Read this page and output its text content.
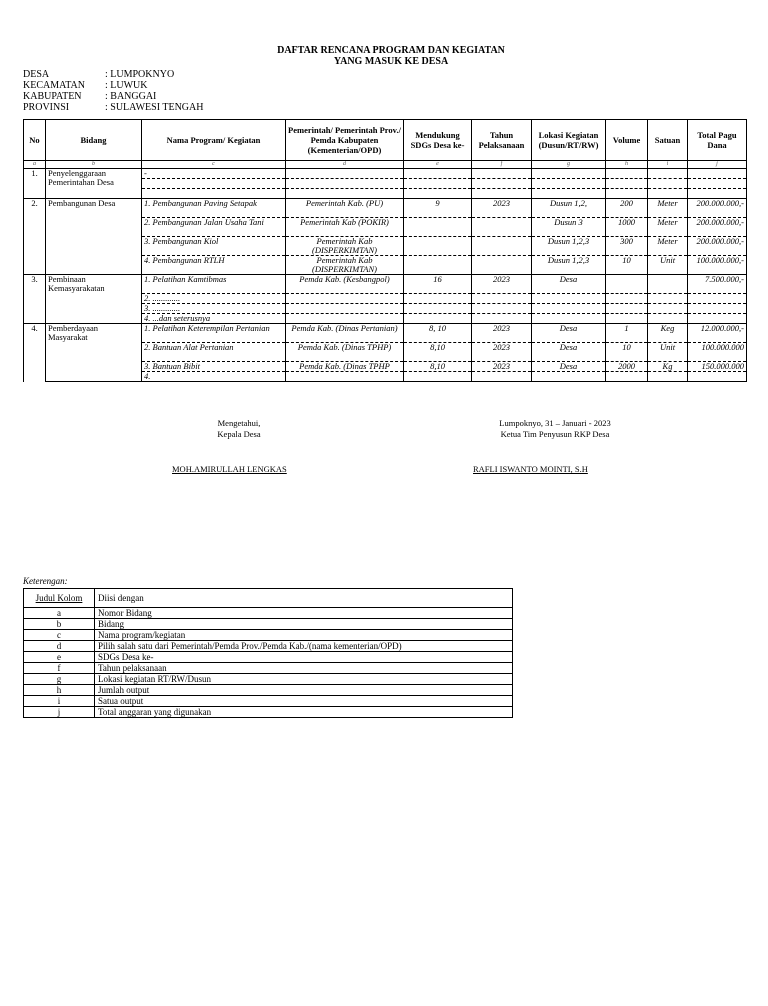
DAFTAR RENCANA PROGRAM DAN KEGIATAN
YANG MASUK KE DESA
DESA	: LUMPOKNYO
KECAMATAN	: LUWUK
KABUPATEN	: BANGGAI
PROVINSI	: SULAWESI TENGAH
No	Bidang	Nama Program/ Kegiatan	Pemerintah/ Pemerintah Prov./ Pemda Kabupaten (Kementerian/OPD)	Mendukung SDGs Desa ke-	Tahun Pelaksanaan	Lokasi Kegiatan (Dusun/RT/RW)	Volume	Satuan	Total Pagu Dana
a	b	c	d	e	f	g	h	i	j
1.	Penyelenggaraan Pemerintahan Desa	-							

2.	Pembangunan Desa	1. Pembangunan Paving Setapak	Pemerintah Kab. (PU)	9	2023	Dusun 1,2,	200	Meter	200.000.000,-
		2. Pembangunan Jalan Usaha Tani	Pemerintah Kab (POKIR)			Dusun 3	1000	Meter	200.000.000,-
		3. Pembangunan Kiol	Pemerintah Kab (DISPERKIMTAN)			Dusun 1,2,3	300	Meter	200.000.000,-
		4. Pembangunan RTLH	Pemerintah Kab (DISPERKIMTAN)			Dusun 1,2,3	10	Unit	100.000.000,-
3.	Pembinaan Kemasyarakatan	1. Pelatihan Kamtibmas	Pemda Kab. (Kesbangpol)	16	2023	Desa			7.500.000,-
		2. .............							
		3. .............							
		4. ...dan seterusnya							
4.	Pemberdayaan Masyarakat	1. Pelatihan Keterempilan Pertanian	Pemda Kab. (Dinas Pertanian)	8, 10	2023	Desa	1	Keg	12.000.000,-
		2. Bantuan Alat Pertanian	Pemda Kab. (Dinas TPHP)	8,10	2023	Desa	10	Unit	100.000.000
		3. Bantuan Bibit	Pemda Kab. (Dinas TPHP	8,10	2023	Desa	2000	Kg	150.000.000
		4.							
Mengetahui,
Kepala Desa
Lumpoknyo, 31 – Januari - 2023
Ketua Tim Penyusun RKP Desa
MOH.AMIRULLAH LENGKAS	RAFLI ISWANTO MOINTI, S.H
Keterengan:
Judul Kolom	Diisi dengan
a	Nomor Bidang
b	Bidang
c	Nama program/kegiatan
d	Pilih salah satu dari Pemerintah/Pemda Prov./Pemda Kab./(nama kementerian/OPD)
e	SDGs Desa ke-
f	Tahun pelaksanaan
g	Lokasi kegiatan RT/RW/Dusun
h	Jumlah output
i	Satua output
j	Total anggaran yang digunakan
